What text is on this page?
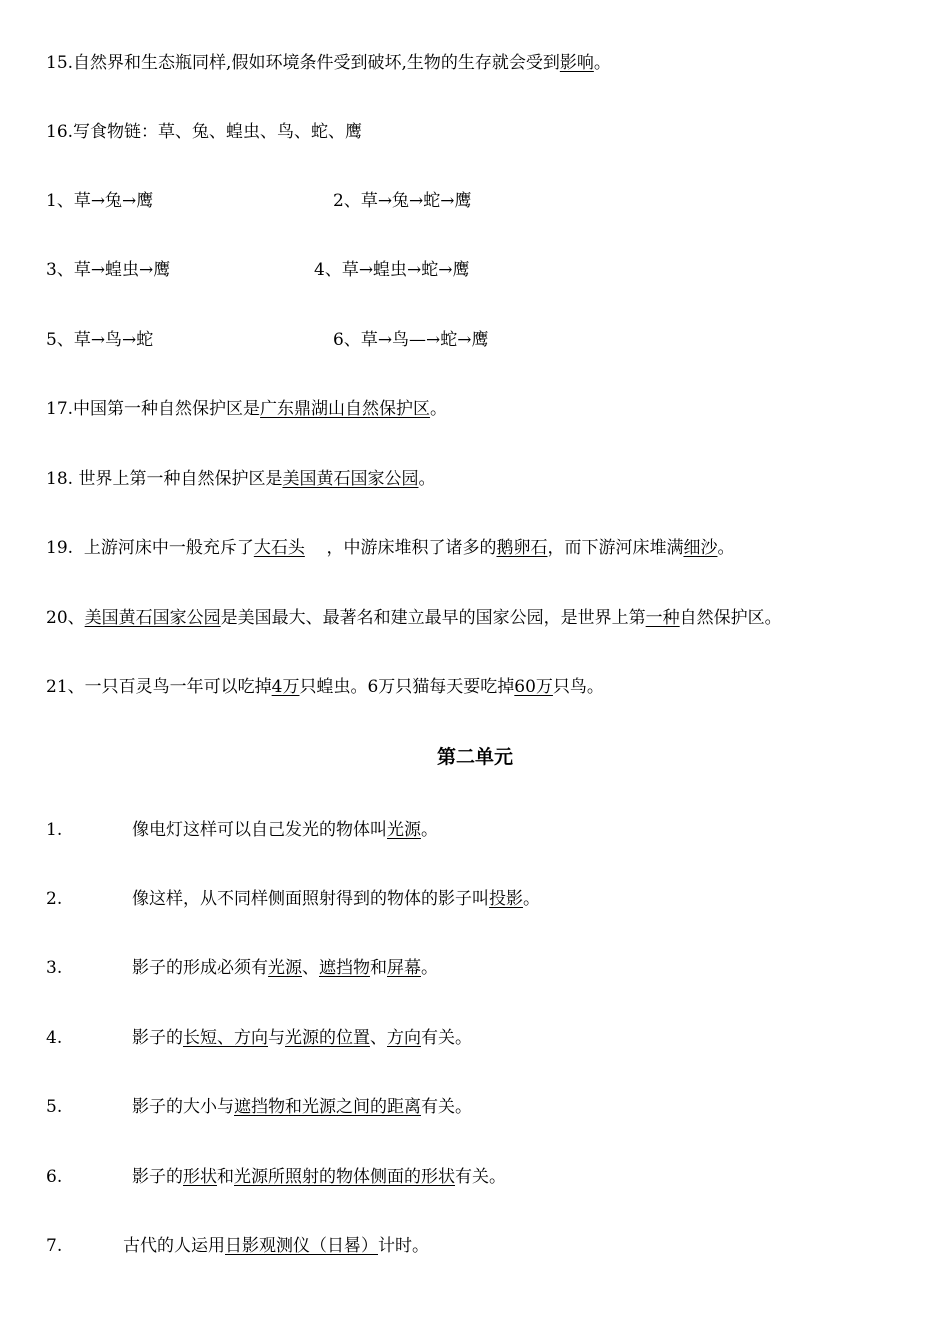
15.自然界和生态瓶同样,假如环境条件受到破坏,生物的生存就会受到影响。
16.写食物链：草、兔、蝗虫、鸟、蛇、鹰
1、草→兔→鹰	2、草→兔→蛇→鹰
3、草→蝗虫→鹰	4、草→蝗虫→蛇→鹰
5、草→鸟→蛇	6、草→鸟—→蛇→鹰
17.中国第一种自然保护区是广东鼎湖山自然保护区。
18. 世界上第一种自然保护区是美国黄石国家公园。
19.  上游河床中一般充斥了大石头    ，中游床堆积了诸多的鹅卵石，而下游河床堆满细沙。
20、美国黄石国家公园是美国最大、最著名和建立最早的国家公园，是世界上第一种自然保护区。
21、一只百灵鸟一年可以吃掉4万只蝗虫。6万只猫每天要吃掉60万只鸟。
第二单元
1.	像电灯这样可以自己发光的物体叫光源。
2.	像这样，从不同样侧面照射得到的物体的影子叫投影。
3.	影子的形成必须有光源、遮挡物和屏幕。
4.	影子的长短、方向与光源的位置、方向有关。
5.	影子的大小与遮挡物和光源之间的距离有关。
6.	影子的形状和光源所照射的物体侧面的形状有关。
7.	古代的人运用日影观测仪（日晷）计时。
